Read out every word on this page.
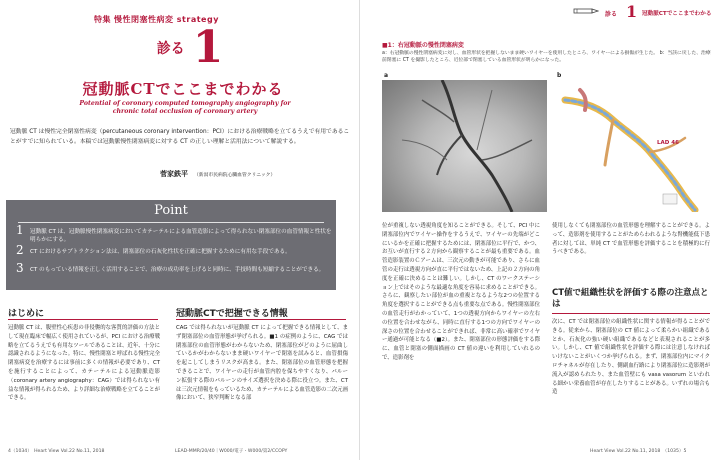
特集 慢性閉塞性病変 strategy
診る 1
冠動脈CTでここまでわかる
Potential of coronary computed tomography angiography for chronic total occlusion of coronary artery
冠動脈 CT は慢性完全閉塞性病変（percutaneous coronary intervention：PCI）における治療戦略を立てるうえで有用であることがすでに知られている。本稿では冠動脈慢性閉塞病変に対する CT の正しい理解と活用法について解説する。
菅家鉄平 （新潟市民病院心臓血管クリニック）
Point
1 冠動脈 CT は、冠動脈慢性閉塞病変においてカテーテルによる血管造影によって得られない閉塞部位の血管情報と性状を明らかにする。
2 CT におけるサブトラクション法は、閉塞部位の石灰化性状を正確に把握するために有用な手段である。
3 CT のもっている情報を正しく活用することで、治療の成功率を上げると同時に、手技時間も短縮することができる。
はじめに
冠動脈 CT は、腹壁性心疾患の非侵襲的な客質的評価の方法として現在臨床で幅広く使用されているが、PCI における治療戦略を立てるうえでも有用なツールであることは、近年、十分に認識されるようになった。特に、慢性閉塞と呼ばれる慢性完全閉塞病変を治療するには事前に多くの情報が必要であり、CT を施行することによって、カテーテルによる冠動脈造影（coronary artery angiography：CAG）では得られない有益な情報が得られるため、より詳細な治療戦略を立てることができる。
冠動脈CTで把握できる情報
CAG では得られないが冠動脈 CT によって把握できる情報として、まず閉塞部位の血管形態が挙げられる。■1 の症例のように、CAG では閉塞部位の血管形態がわからないため、閉塞部位がどのように屈曲しているかがわからないまま硬いワイヤーで閉塞を試みると、血管損傷を起こしてしまうリスクが高まる。また、閉塞部位の血管形態を把握できることで、ワイヤーの走行が血管内腔を保ちやすくなり、バルーン拡張する際のバルーンのサイズ選択を決める際に役立つ。また、CT は三次元情報をもっているため、カテーテルによる血管造影の二次元画像において、狭窄判断となる部
4（1034）　Heart View Vol.22 No.11, 2018	LEAD-MMR/20/40｜W000/電子・W000/第2/CCOPY
診る 1 冠動脈CTでここまでわかる
■1：右冠動脈の慢性閉塞病変
a：右冠動脈の慢性閉塞病変に対し、血管形状を把握しないまま硬いワイヤーを使用したところ、ワイヤーによる損傷が生じた。 b：当該に戻した、治療前閉塞に CT を撮影したところ、近位部で閉塞している血管形状が明らかになった。
a	b
LAD 46
位が重複しない透視角度を知ることができる。そして、PCI 中に閉塞部位内でワイヤー操作をするうえで、ワイヤーの先端がどこにいるかを正確に把握するためには、閉塞部位に平行で、かつ、お互いが直行する２方向から観察することが最も重要である。血管造影装置のＣアームは、三次元の動きが可能であり、さらに血管の走行は透視方向が直に平行ではないため、上記の２方向の角度を正確に決めることは難しい。しかし、CT のワークステーション上ではそのような最適な角度を容易に求めることができる。さらに、観察したい部位が血の重複となるような2つの位置する角度を選択することができる点も重要な点である。慢性閉塞部位の血管走行がわかっていて、1つの透視方向からワイヤーの左右の位置を合わせながら、同時に直行する1つの方向でワイヤーの深さの位置を合わせることができれば、非常に高い確率でワイヤー通過が可能となる（■2）。また、閉塞部位の形態評価をする際に、血管と閉塞の側面描画の CT 値の違いを利用していれるので、造影剤を
使用しなくても閉塞部位の血管形態を理解することができる。よって、造影剤を使用することがためらわれるような腎機能低下患者に対しては、単純 CT で血管形態を評価することを積極的に行うべきである。
CT値で組織性状を評価する際の注意点とは
次に、CT では閉塞部位の組織性状に関する情報が得ることができる。従来から、閉塞部位の CT 値によって柔らかい組織であるとか、石灰化の強い硬い組織であるなどと表現されることが多い。しかし、CT 値で組織性状を評価する際には注意しなければいけないことがいくつか挙げられる。まず、閉塞部位内にマイクロチャネルが存在したり、側副血行路により閉塞部位に造影剤が流入が認められたり、また血管壁にも vasa vasorum といわれる細かい栄養血管が存在したりすることがある。いずれの場合も造
Heart View Vol.22 No.11, 2018　（1035）5
